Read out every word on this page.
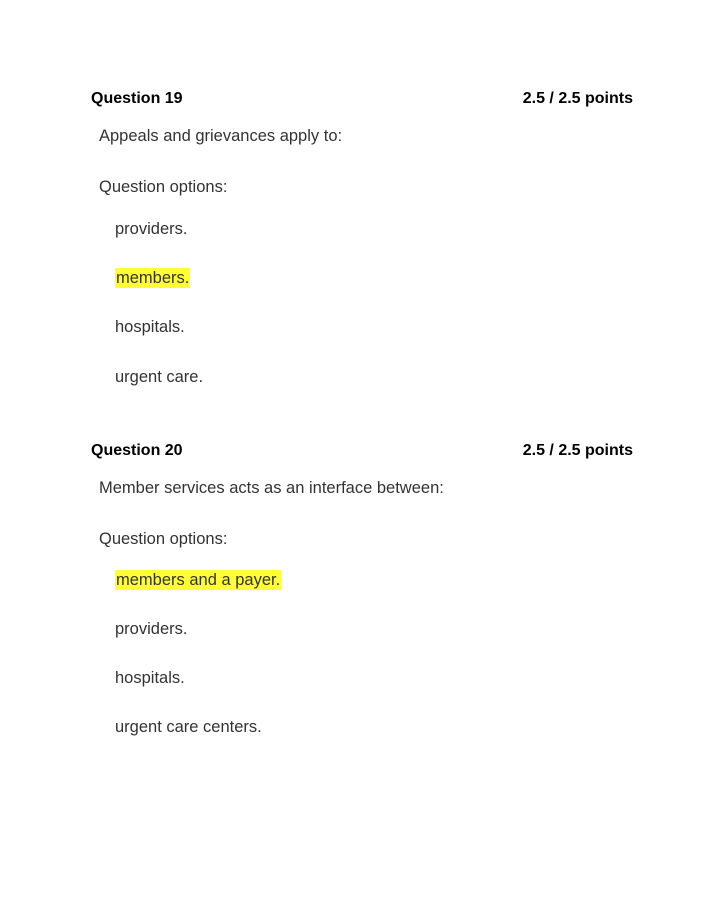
Question 19	2.5 / 2.5 points
Appeals and grievances apply to:
Question options:
providers.
members.
hospitals.
urgent care.
Question 20	2.5 / 2.5 points
Member services acts as an interface between:
Question options:
members and a payer.
providers.
hospitals.
urgent care centers.
